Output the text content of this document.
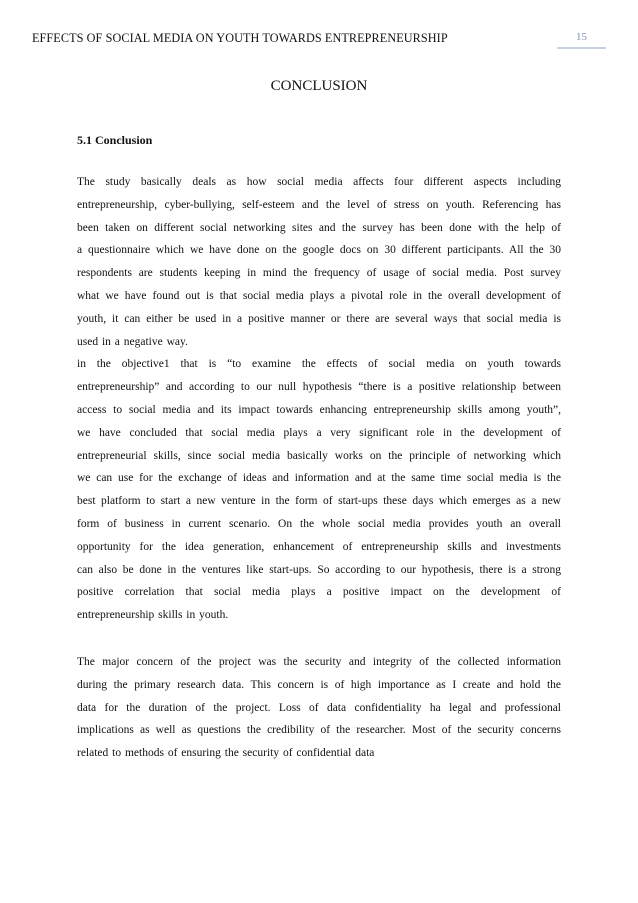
EFFECTS OF SOCIAL MEDIA ON YOUTH TOWARDS ENTREPRENEURSHIP	15
CONCLUSION
5.1 Conclusion
The study basically deals as how social media affects four different aspects including
entrepreneurship, cyber-bullying, self-esteem and the level of stress on youth. Referencing has
been taken on different social networking sites and the survey has been done with the help of
a questionnaire which we have done on the google docs on 30 different participants. All the 30
respondents are students keeping in mind the frequency of usage of social media. Post survey
what we have found out is that social media plays a pivotal role in the overall development of
youth, it can either be used in a positive manner or there are several ways that social media is
used in a negative way.
in the objective1 that is “to examine the effects of social media on youth towards
entrepreneurship” and according to our null hypothesis “there is a positive relationship between
access to social media and its impact towards enhancing entrepreneurship skills among youth”,
we have concluded that social media plays a very significant role in the development of
entrepreneurial skills, since social media basically works on the principle of networking which
we can use for the exchange of ideas and information and at the same time social media is the
best platform to start a new venture in the form of start-ups these days which emerges as a new
form of business in current scenario. On the whole social media provides youth an overall
opportunity for the idea generation, enhancement of entrepreneurship skills and investments
can also be done in the ventures like start-ups. So according to our hypothesis, there is a strong
positive correlation that social media plays a positive impact on the development of
entrepreneurship skills in youth.
The major concern of the project was the security and integrity of the collected information
during the primary research data. This concern is of high importance as I create and hold the
data for the duration of the project. Loss of data confidentiality ha legal and professional
implications as well as questions the credibility of the researcher. Most of the security concerns
related to methods of ensuring the security of confidential data
